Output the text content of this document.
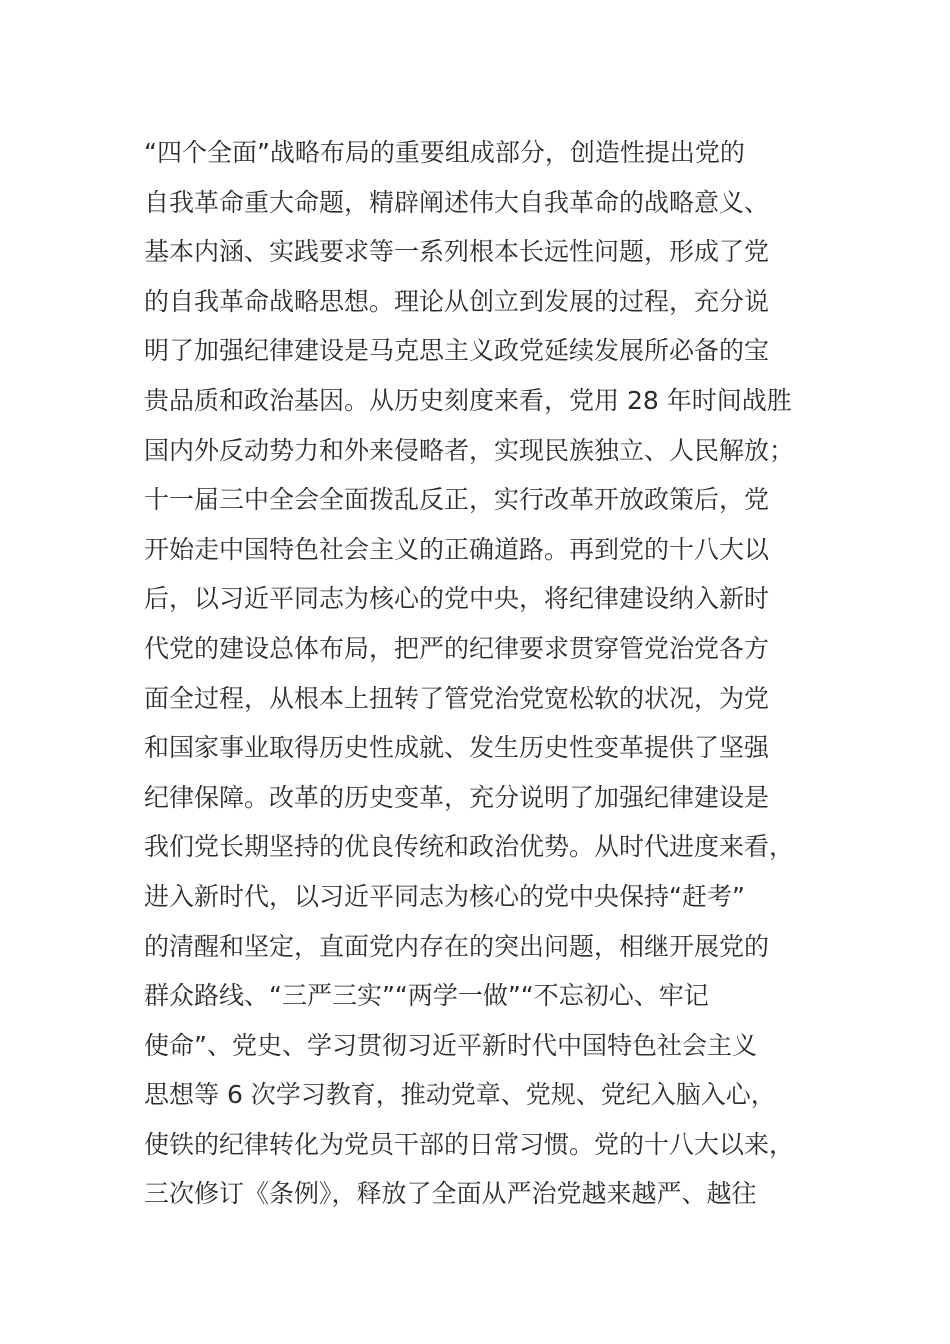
“四个全面”战略布局的重要组成部分，创造性提出党的
自我革命重大命题，精辟阐述伟大自我革命的战略意义、
基本内涵、实践要求等一系列根本长远性问题，形成了党
的自我革命战略思想。理论从创立到发展的过程，充分说
明了加强纪律建设是马克思主义政党延续发展所必备的宝
贵品质和政治基因。从历史刻度来看，党用 28 年时间战胜
国内外反动势力和外来侵略者，实现民族独立、人民解放；
十一届三中全会全面拨乱反正，实行改革开放政策后，党
开始走中国特色社会主义的正确道路。再到党的十八大以
后，以习近平同志为核心的党中央，将纪律建设纳入新时
代党的建设总体布局，把严的纪律要求贯穿管党治党各方
面全过程，从根本上扭转了管党治党宽松软的状况，为党
和国家事业取得历史性成就、发生历史性变革提供了坚强
纪律保障。改革的历史变革，充分说明了加强纪律建设是
我们党长期坚持的优良传统和政治优势。从时代进度来看，
进入新时代，以习近平同志为核心的党中央保持“赶考”
的清醒和坚定，直面党内存在的突出问题，相继开展党的
群众路线、“三严三实”“两学一做”“不忘初心、牢记
使命”、党史、学习贯彻习近平新时代中国特色社会主义
思想等 6 次学习教育，推动党章、党规、党纪入脑入心，
使铁的纪律转化为党员干部的日常习惯。党的十八大以来，
三次修订《条例》，释放了全面从严治党越来越严、越往
